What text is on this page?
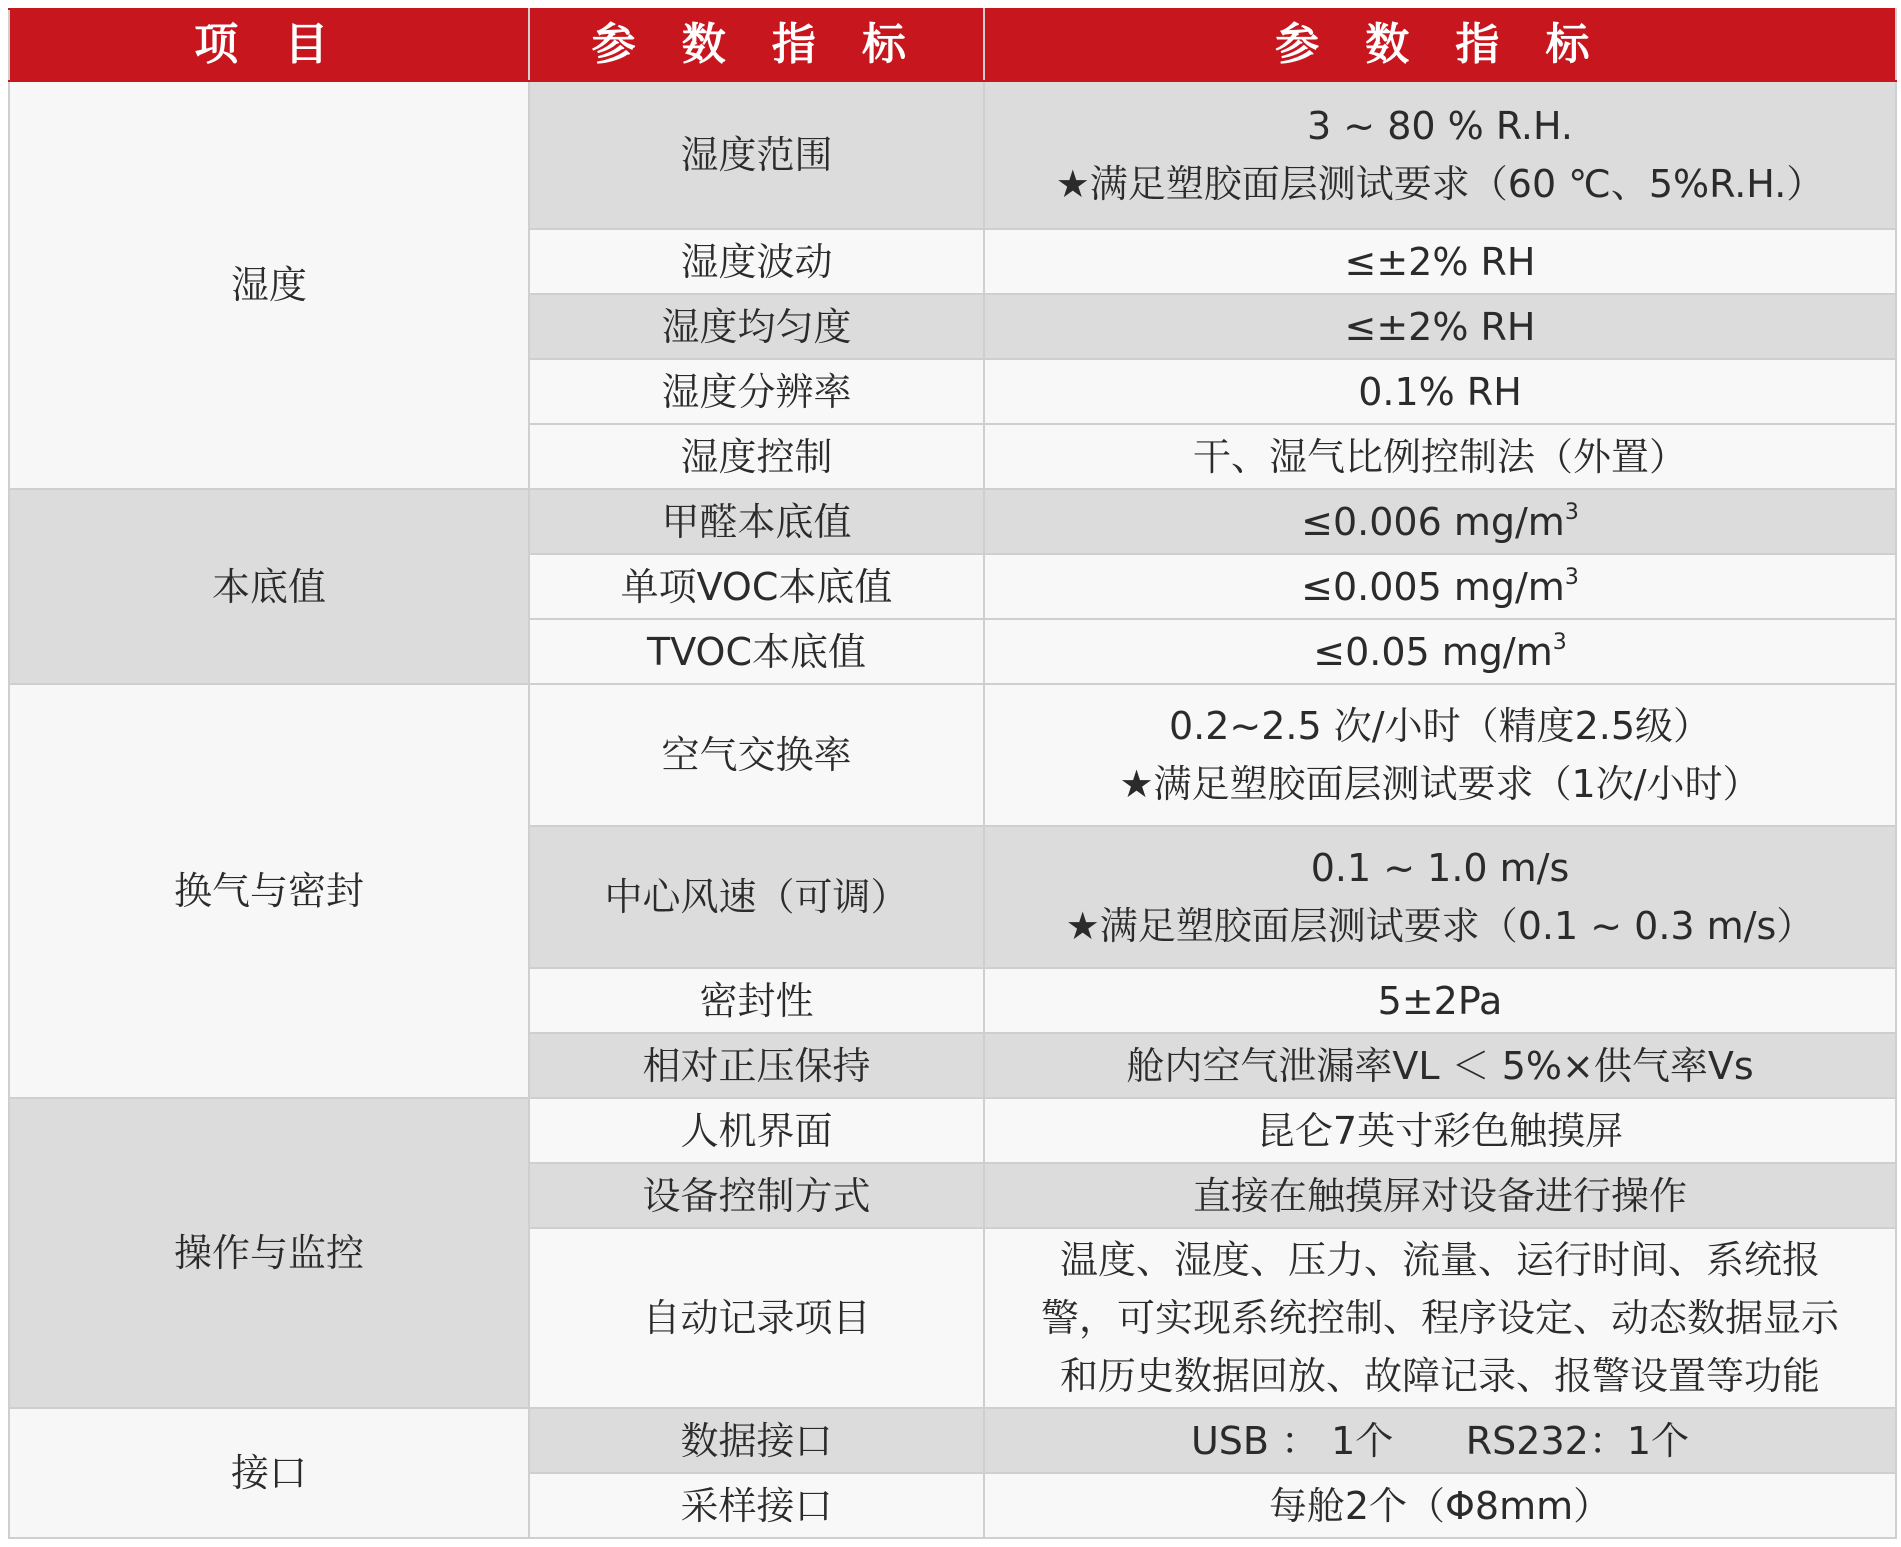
项 目	参 数 指 标	参 数 指 标
湿度	湿度范围	3 ~ 80 % R.H.
★满足塑胶面层测试要求（60 ℃、5%R.H.）

	湿度波动	≤±2% RH
	湿度均匀度	≤±2% RH
	湿度分辨率	0.1% RH
	湿度控制	干、湿气比例控制法（外置）
本底值	甲醛本底值	≤0.006 $mg/m^3$
	单项VOC本底值	≤0.005 $mg/m^3$
	TVOC本底值	≤0.05 $mg/m^3$
换气与密封	空气交换率	0.2~2.5 次/小时（精度2.5级）
★满足塑胶面层测试要求（1次/小时）

	中心风速（可调）	0.1 ~ 1.0 m/s
★满足塑胶面层测试要求（0.1 ~ 0.3 m/s）

	密封性	5±2Pa
	相对正压保持	舱内空气泄漏率VL ＜ 5%×供气率Vs
操作与监控	人机界面	昆仑7英寸彩色触摸屏
	设备控制方式	直接在触摸屏对设备进行操作
	自动记录项目	温度、湿度、压力、流量、运行时间、系统报
警，可实现系统控制、程序设定、动态数据显示
和历史数据回放、故障记录、报警设置等功能

接口	数据接口	USB ： 1个      RS232：1个
	采样接口	每舱2个（Φ8mm）
